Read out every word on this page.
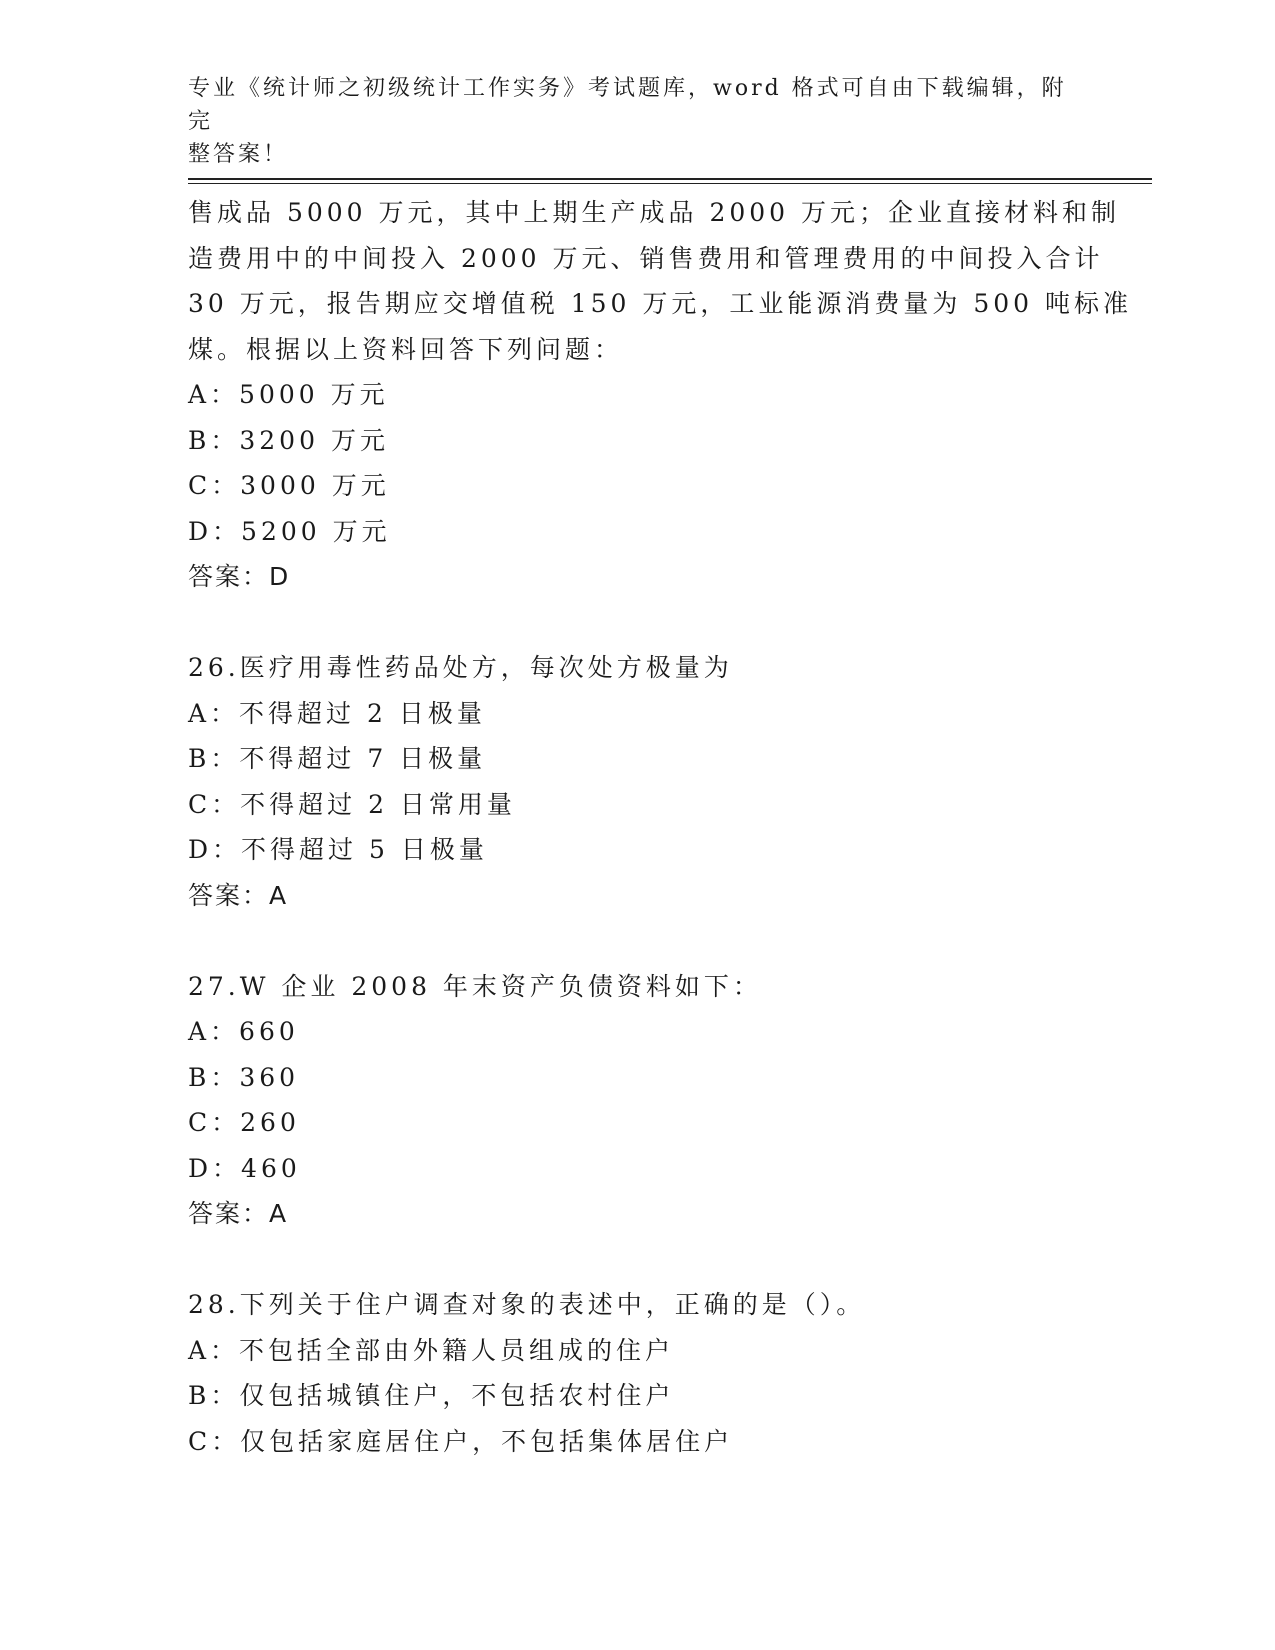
专业《统计师之初级统计工作实务》考试题库，word 格式可自由下载编辑，附完
整答案！
售成品 5000 万元，其中上期生产成品 2000 万元；企业直接材料和制
造费用中的中间投入 2000 万元、销售费用和管理费用的中间投入合计
30 万元，报告期应交增值税 150 万元，工业能源消费量为 500 吨标准
煤。根据以上资料回答下列问题：
A：5000 万元
B：3200 万元
C：3000 万元
D：5200 万元
答案：D
26.医疗用毒性药品处方，每次处方极量为
A：不得超过 2 日极量
B：不得超过 7 日极量
C：不得超过 2 日常用量
D：不得超过 5 日极量
答案：A
27.W 企业 2008 年末资产负债资料如下：
A：660
B：360
C：260
D：460
答案：A
28.下列关于住户调查对象的表述中，正确的是（）。
A：不包括全部由外籍人员组成的住户
B：仅包括城镇住户，不包括农村住户
C：仅包括家庭居住户，不包括集体居住户
